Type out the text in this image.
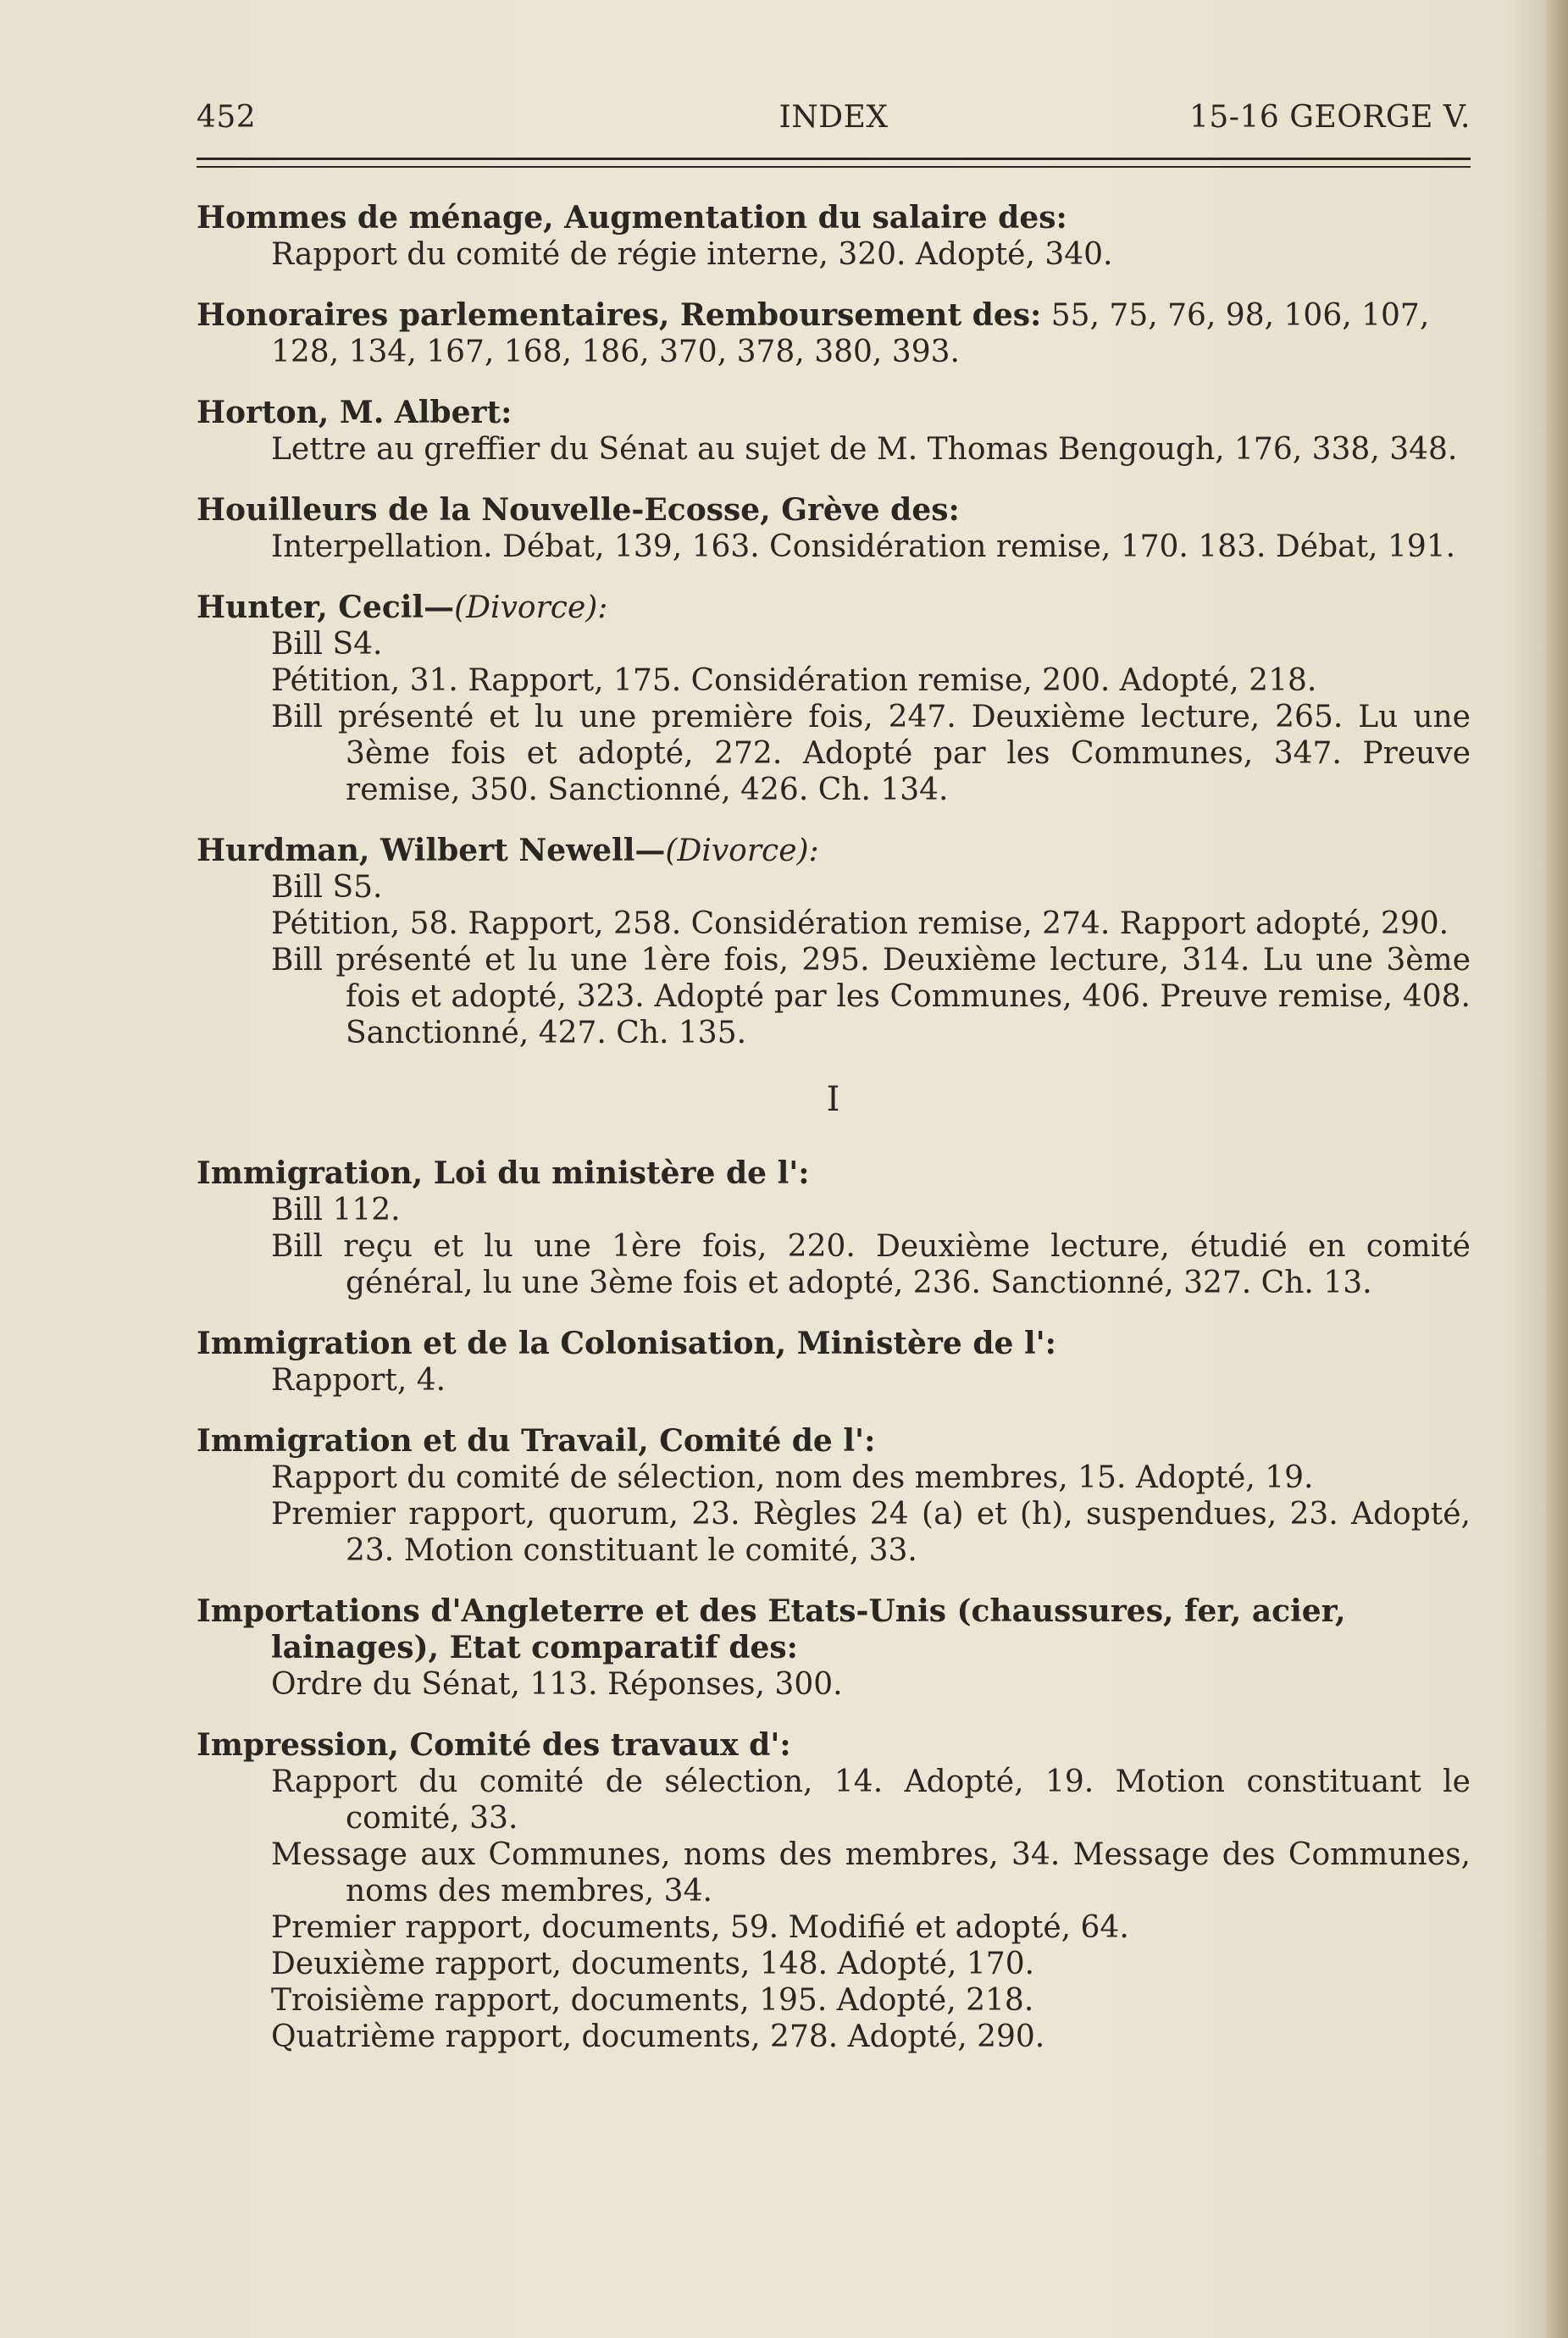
452	INDEX	15-16 GEORGE V.
Hommes de ménage, Augmentation du salaire des:
Rapport du comité de régie interne, 320. Adopté, 340.
Honoraires parlementaires, Remboursement des: 55, 75, 76, 98, 106, 107, 128, 134, 167, 168, 186, 370, 378, 380, 393.
Horton, M. Albert:
Lettre au greffier du Sénat au sujet de M. Thomas Bengough, 176, 338, 348.
Houilleurs de la Nouvelle-Ecosse, Grève des:
Interpellation. Débat, 139, 163. Considération remise, 170. 183. Débat, 191.
Hunter, Cecil—(Divorce):
Bill S4.
Pétition, 31. Rapport, 175. Considération remise, 200. Adopté, 218.
Bill présenté et lu une première fois, 247. Deuxième lecture, 265. Lu une 3ème fois et adopté, 272. Adopté par les Communes, 347. Preuve remise, 350. Sanctionné, 426. Ch. 134.
Hurdman, Wilbert Newell—(Divorce):
Bill S5.
Pétition, 58. Rapport, 258. Considération remise, 274. Rapport adopté, 290.
Bill présenté et lu une 1ère fois, 295. Deuxième lecture, 314. Lu une 3ème fois et adopté, 323. Adopté par les Communes, 406. Preuve remise, 408. Sanctionné, 427. Ch. 135.
I
Immigration, Loi du ministère de l':
Bill 112.
Bill reçu et lu une 1ère fois, 220. Deuxième lecture, étudié en comité général, lu une 3ème fois et adopté, 236. Sanctionné, 327. Ch. 13.
Immigration et de la Colonisation, Ministère de l':
Rapport, 4.
Immigration et du Travail, Comité de l':
Rapport du comité de sélection, nom des membres, 15. Adopté, 19.
Premier rapport, quorum, 23. Règles 24 (a) et (h), suspendues, 23. Adopté, 23. Motion constituant le comité, 33.
Importations d'Angleterre et des Etats-Unis (chaussures, fer, acier, lainages), Etat comparatif des:
Ordre du Sénat, 113. Réponses, 300.
Impression, Comité des travaux d':
Rapport du comité de sélection, 14. Adopté, 19. Motion constituant le comité, 33.
Message aux Communes, noms des membres, 34. Message des Communes, noms des membres, 34.
Premier rapport, documents, 59. Modifié et adopté, 64.
Deuxième rapport, documents, 148. Adopté, 170.
Troisième rapport, documents, 195. Adopté, 218.
Quatrième rapport, documents, 278. Adopté, 290.
